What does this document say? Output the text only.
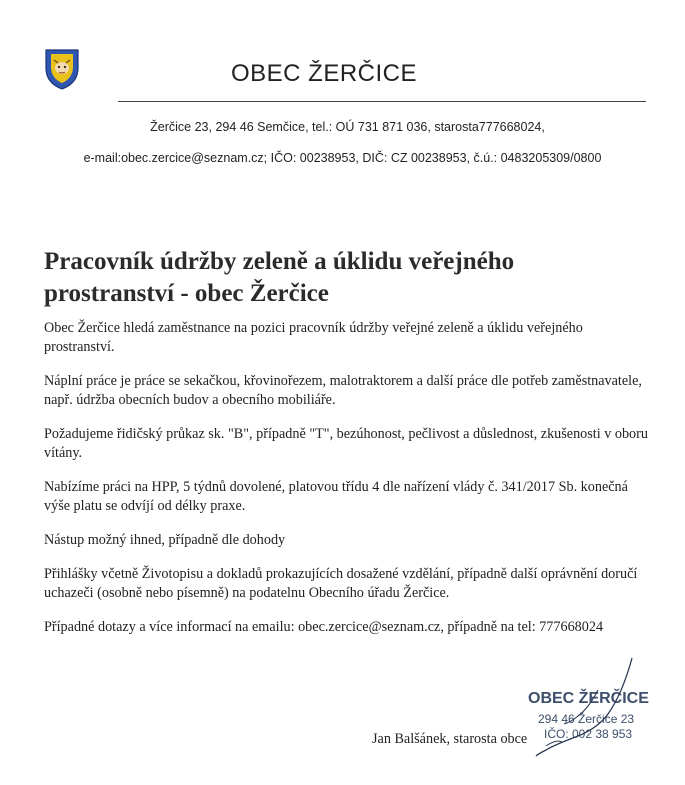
OBEC ŽERČICE
Žerčice 23, 294 46 Semčice, tel.: OÚ 731 871 036, starosta777668024,
e-mail:obec.zercice@seznam.cz; IČO: 00238953, DIČ: CZ 00238953, č.ú.: 0483205309/0800
Pracovník údržby zeleně a úklidu veřejného prostranství - obec Žerčice

Obec Žerčice hledá zaměstnance na pozici pracovník údržby veřejné zeleně a úklidu veřejného prostranství.

Náplní práce je práce se sekačkou, křovinořezem, malotraktorem a další práce dle potřeb zaměstnavatele, např. údržba obecních budov a obecního mobiliáře.

Požadujeme řidičský průkaz sk. "B", případně "T", bezúhonost, pečlivost a důslednost, zkušenosti v oboru vítány.

Nabízíme práci na HPP, 5 týdnů dovolené, platovou třídu 4 dle nařízení vlády č. 341/2017 Sb. konečná výše platu se odvíjí od délky praxe.

Nástup možný ihned, případně dle dohody

Přihlášky včetně Životopisu a dokladů prokazujících dosažené vzdělání, případně další oprávnění doručí uchazeči (osobně nebo písemně) na podatelnu Obecního úřadu Žerčice.

Případné dotazy a více informací na emailu: obec.zercice@seznam.cz, případně na tel: 777668024

Jan Balšánek, starosta obce
OBEC ŽERČICE
294 46 Žerčice 23
IČO: 002 38 953
